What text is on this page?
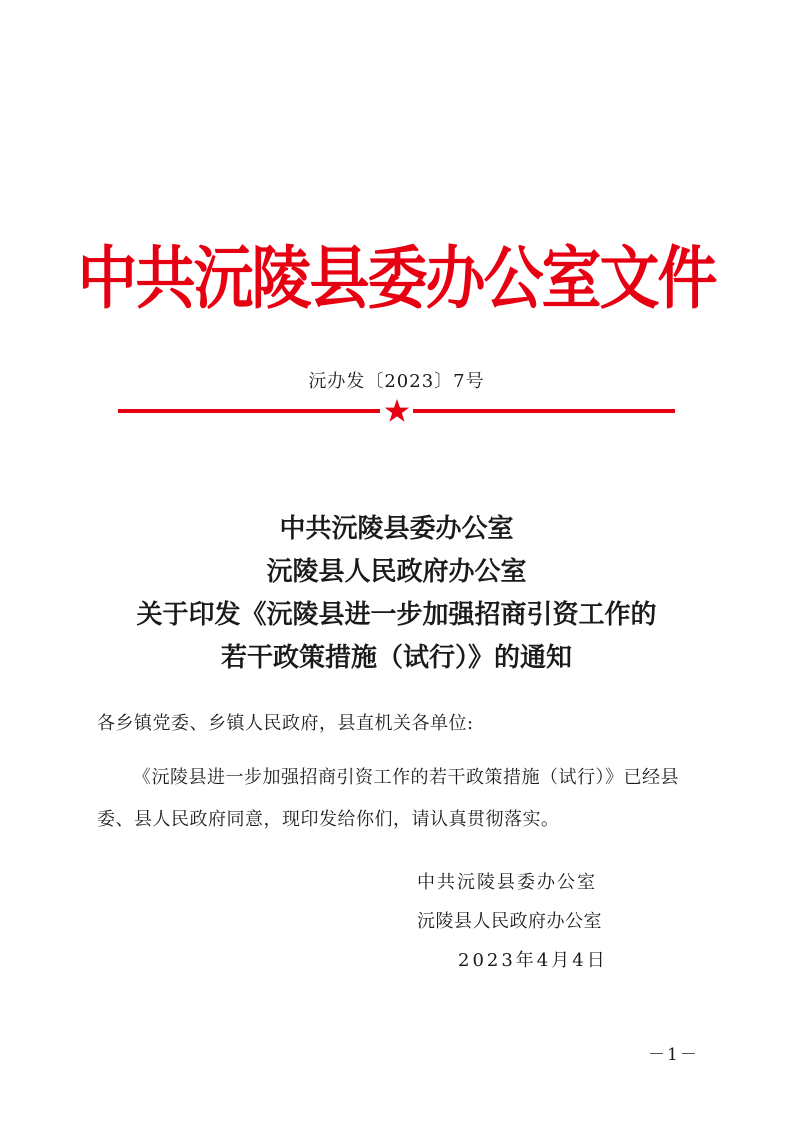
中共沅陵县委办公室文件
沅办发〔2023〕7号
中共沅陵县委办公室
沅陵县人民政府办公室
关于印发《沅陵县进一步加强招商引资工作的
若干政策措施（试行）》的通知
各乡镇党委、乡镇人民政府，县直机关各单位:

《沅陵县进一步加强招商引资工作的若干政策措施（试行）》已经县委、县人民政府同意，现印发给你们，请认真贯彻落实。

中共沅陵县委办公室
沅陵县人民政府办公室
2023年4月4日
－1－
